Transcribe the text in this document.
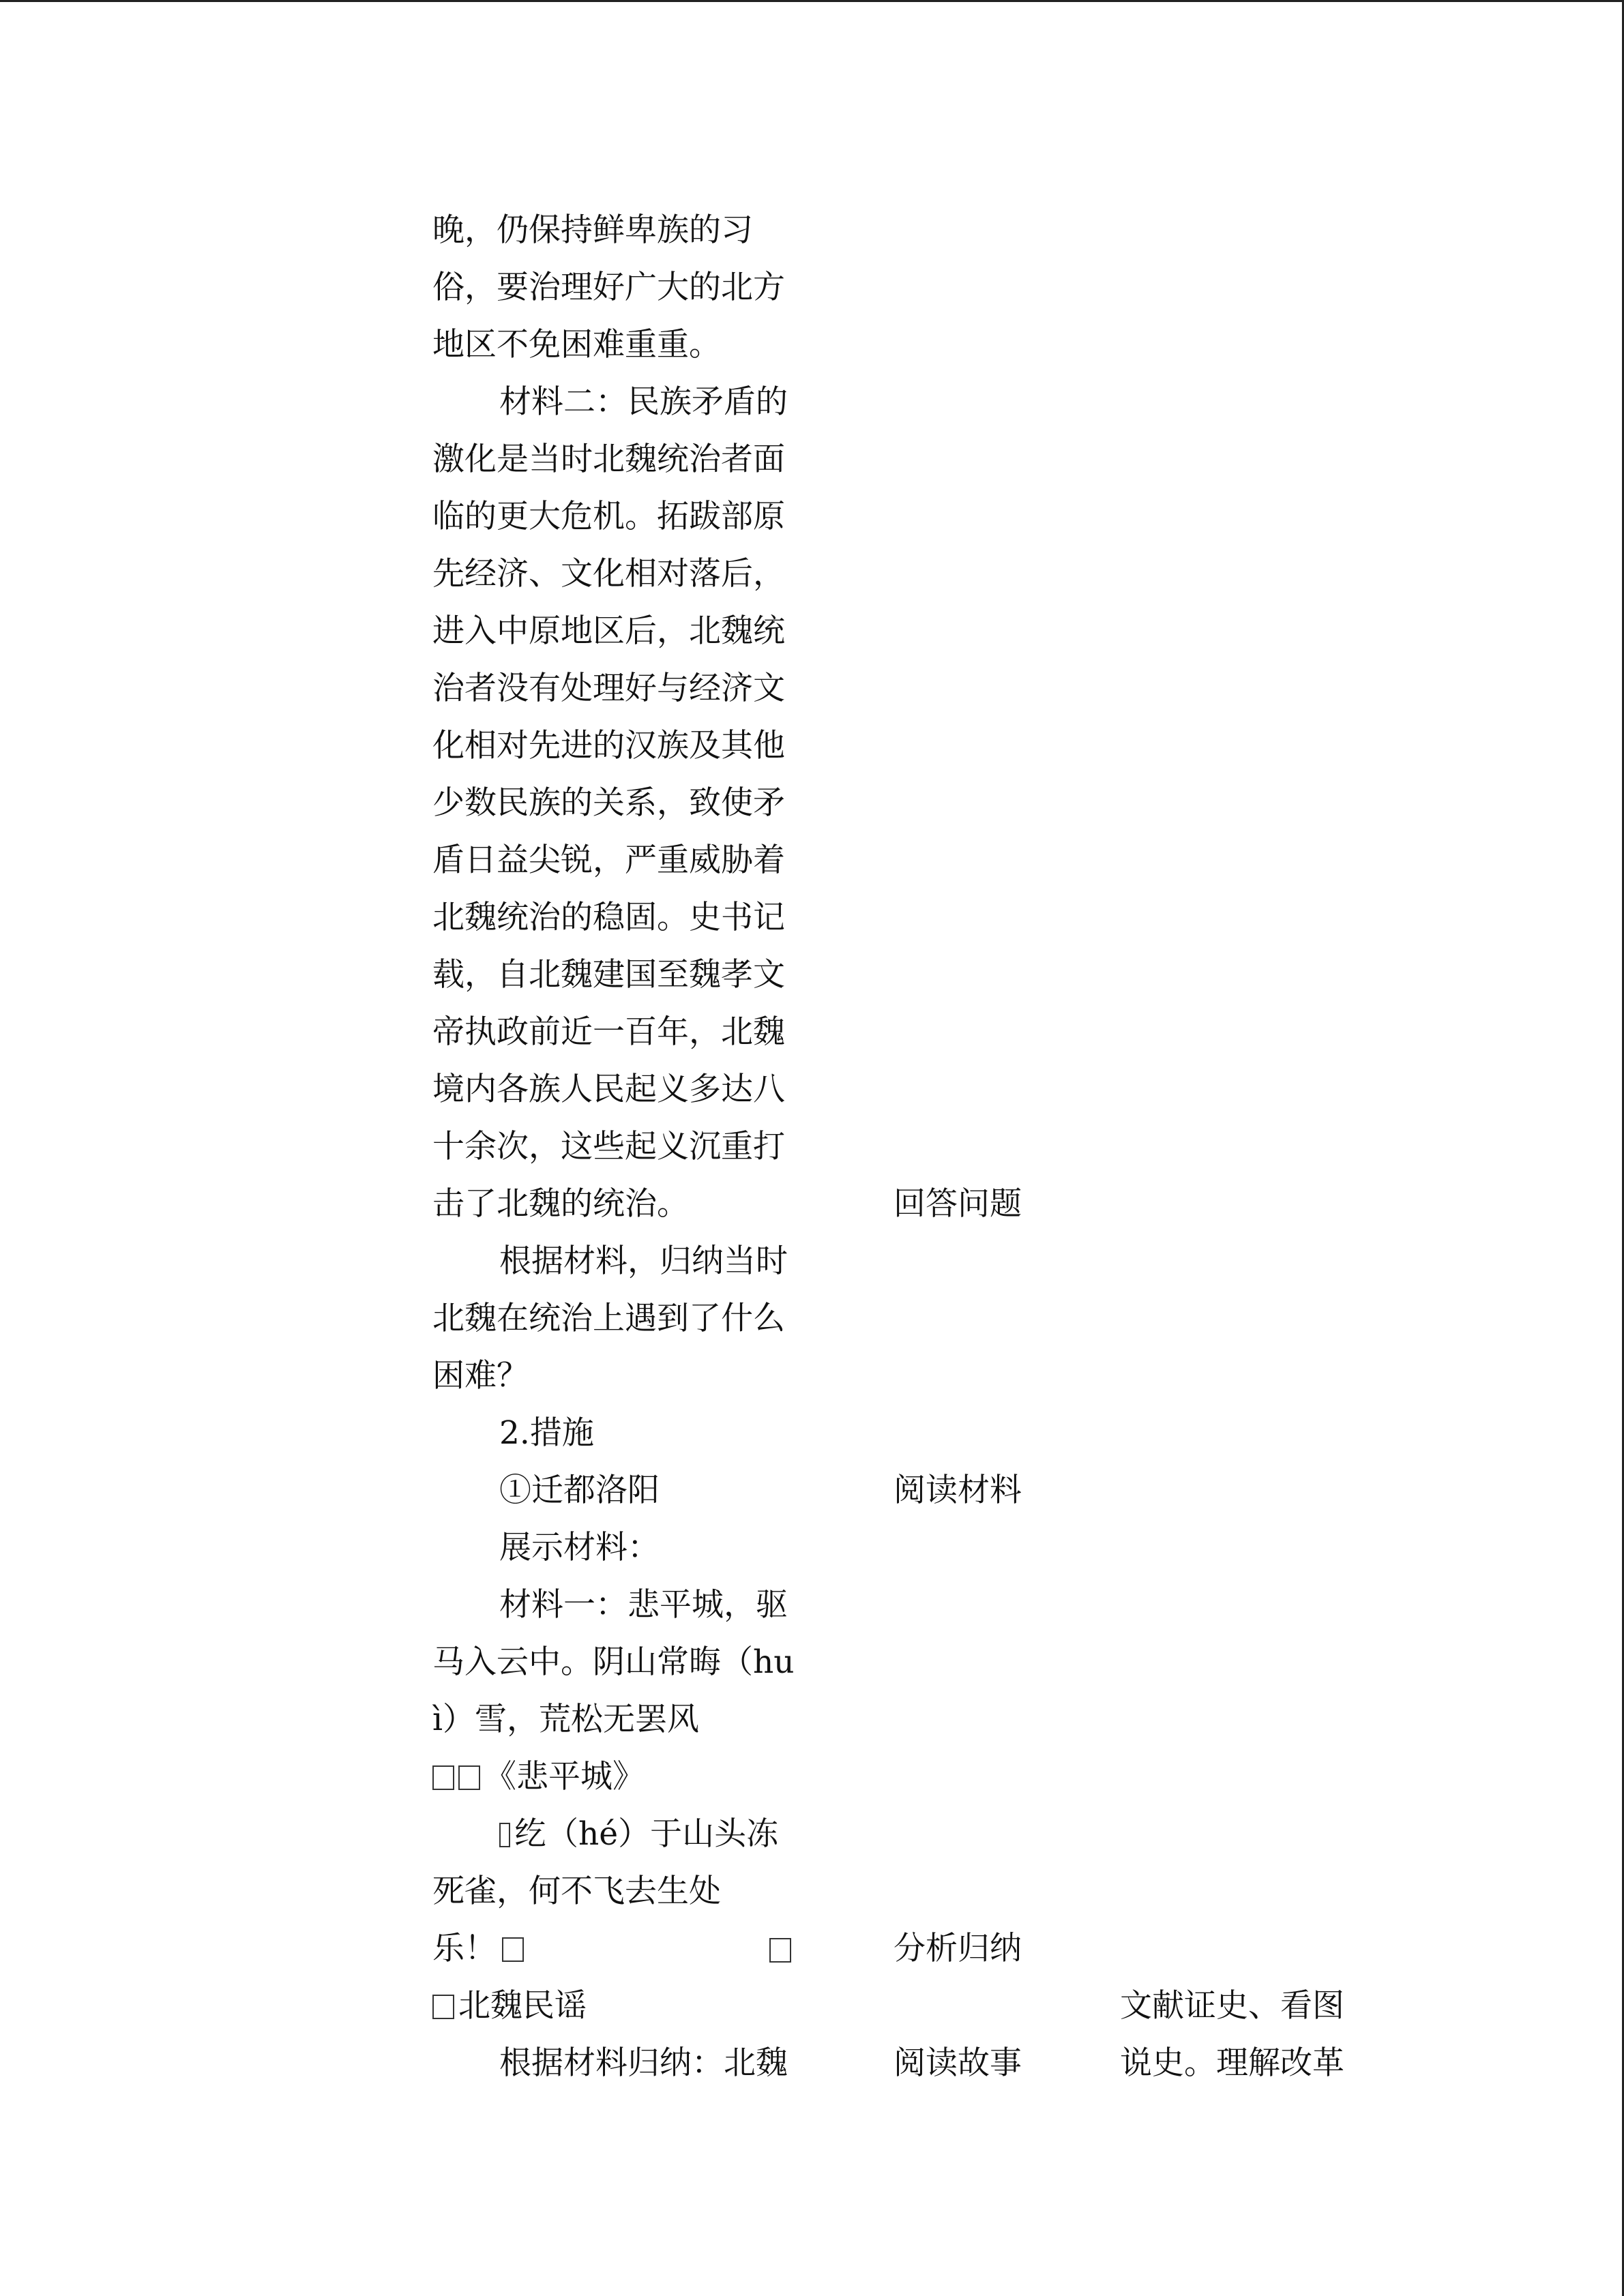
晚，仍保持鲜卑族的习
俗，要治理好广大的北方
地区不免困难重重。
材料二：民族矛盾的
激化是当时北魏统治者面
临的更大危机。拓跋部原
先经济、文化相对落后，
进入中原地区后，北魏统
治者没有处理好与经济文
化相对先进的汉族及其他
少数民族的关系，致使矛
盾日益尖锐，严重威胁着
北魏统治的稳固。史书记
载，自北魏建国至魏孝文
帝执政前近一百年，北魏
境内各族人民起义多达八
十余次，这些起义沉重打
击了北魏的统治。
根据材料，归纳当时
北魏在统治上遇到了什么
困难？
2.措施
①迁都洛阳
展示材料：
材料一：悲平城，驱
马入云中。阴山常晦（hu
ì）雪，荒松无罢风
《悲平城》
纥（hé）于山头冻
死雀，何不飞去生处
乐！
北魏民谣
根据材料归纳：北魏
回答问题
阅读材料
分析归纳
阅读故事
文献证史、看图
说史。理解改革
